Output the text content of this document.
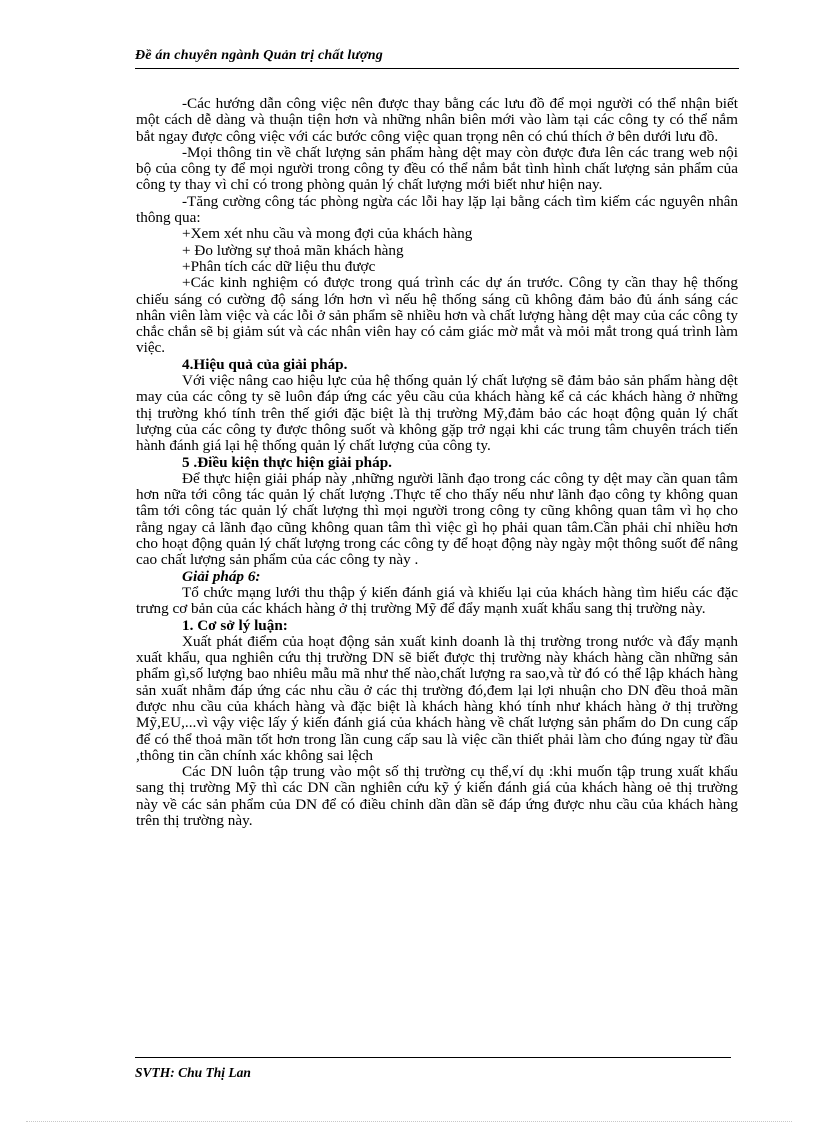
Đề án chuyên ngành Quản trị chất lượng

-Các hướng dẫn công việc nên được thay bằng các lưu đồ để mọi người có thể nhận biết một cách dễ dàng và thuận tiện hơn và những nhân biên mới vào làm tại các công ty có thể nắm bắt ngay được công việc với các bước công việc quan trọng nên có chú thích ở bên dưới lưu đồ.

-Mọi thông tin về chất lượng sản phẩm hàng dệt may còn được đưa lên các trang web nội bộ của công ty để mọi người trong công ty đều có thể nắm bắt tình hình chất lượng sản phẩm của công ty thay vì chỉ có trong phòng quản lý chất lượng mới biết như hiện nay.

-Tăng cường công tác phòng ngừa các lỗi hay lặp lại bằng cách tìm kiếm các nguyên nhân thông qua:

+Xem xét nhu cầu và mong đợi của khách hàng

+ Đo lường sự thoả mãn khách hàng

+Phân tích các dữ liệu thu được

+Các kinh nghiệm có được trong quá trình các dự án trước. Công ty cần thay hệ thống chiếu sáng có cường độ sáng lớn hơn vì nếu hệ thống sáng cũ không đảm bảo đủ ánh sáng các nhân viên làm việc và các lỗi ở sản phẩm sẽ nhiều hơn và chất lượng hàng dệt may của các công ty chắc chắn sẽ bị giảm sút và các nhân viên hay có cảm giác mờ mắt và mỏi mắt trong quá trình làm việc.

4.Hiệu quả của giải pháp.

Với việc nâng cao hiệu lực của hệ thống quản lý chất lượng sẽ đảm bảo sản phẩm hàng dệt may của các công ty sẽ luôn đáp ứng các yêu cầu của khách hàng kể cả các khách hàng ở những thị trường khó tính trên thế giới đặc biệt là thị trường Mỹ,đảm bảo các hoạt động quản lý chất lượng của các công ty được thông suốt và không gặp trở ngại khi các trung tâm chuyên trách tiến hành đánh giá lại hệ thống quản lý chất lượng của công ty.

5 .Điều kiện thực hiện giải pháp.

Để thực hiện giải pháp này ,những người lãnh đạo trong các công ty dệt may cần quan tâm hơn nữa tới công tác quản lý chất lượng .Thực tế cho thấy nếu như lãnh đạo công ty không quan tâm tới công tác quản lý chất lượng thì mọi người trong công ty cũng không quan tâm vì họ cho rằng ngay cả lãnh đạo cũng không quan tâm thì việc gì họ phải quan tâm.Cần phải chỉ nhiều hơn cho hoạt động quản lý chất lượng trong các công ty để hoạt động này ngày một thông suốt để nâng cao chất lượng sản phẩm của các công ty này .

Giải pháp 6:

Tổ chức mạng lưới thu thập ý kiến đánh giá và khiếu lại của khách hàng tìm hiểu các đặc trưng cơ bản của các khách hàng ở thị trường Mỹ để đẩy mạnh xuất khẩu sang thị trường này.

1. Cơ sở lý luận:

Xuất phát điểm của hoạt động sản xuất kinh doanh là thị trường trong nước và đẩy mạnh xuất khẩu, qua nghiên cứu thị trường DN sẽ biết được thị trường này khách hàng cần những sản phẩm gì,số lượng bao nhiêu mẫu mã như thế nào,chất lượng ra sao,và từ đó có thể lập khách hàng sản xuất nhằm đáp ứng các nhu cầu ở các thị trường đó,đem lại lợi nhuận cho DN đều thoả mãn được nhu cầu của khách hàng và đặc biệt là khách hàng khó tính như khách hàng ở thị trường Mỹ,EU,...vì vậy việc lấy ý kiến đánh giá của khách hàng về chất lượng sản phẩm do Dn cung cấp để có thể thoả mãn tốt hơn trong lần cung cấp sau là việc cần thiết phải làm cho đúng ngay từ đầu ,thông tin cần chính xác không sai lệch

Các DN luôn tập trung vào một số thị trường cụ thể,ví dụ :khi muốn tập trung xuất khẩu sang thị trường Mỹ thì các DN cần nghiên cứu kỹ ý kiến đánh giá của khách hàng oẻ thị trường này về các sản phẩm của DN để có điều chỉnh dần dần sẽ đáp ứng được nhu cầu của khách hàng trên thị trường này.

SVTH: Chu Thị Lan
